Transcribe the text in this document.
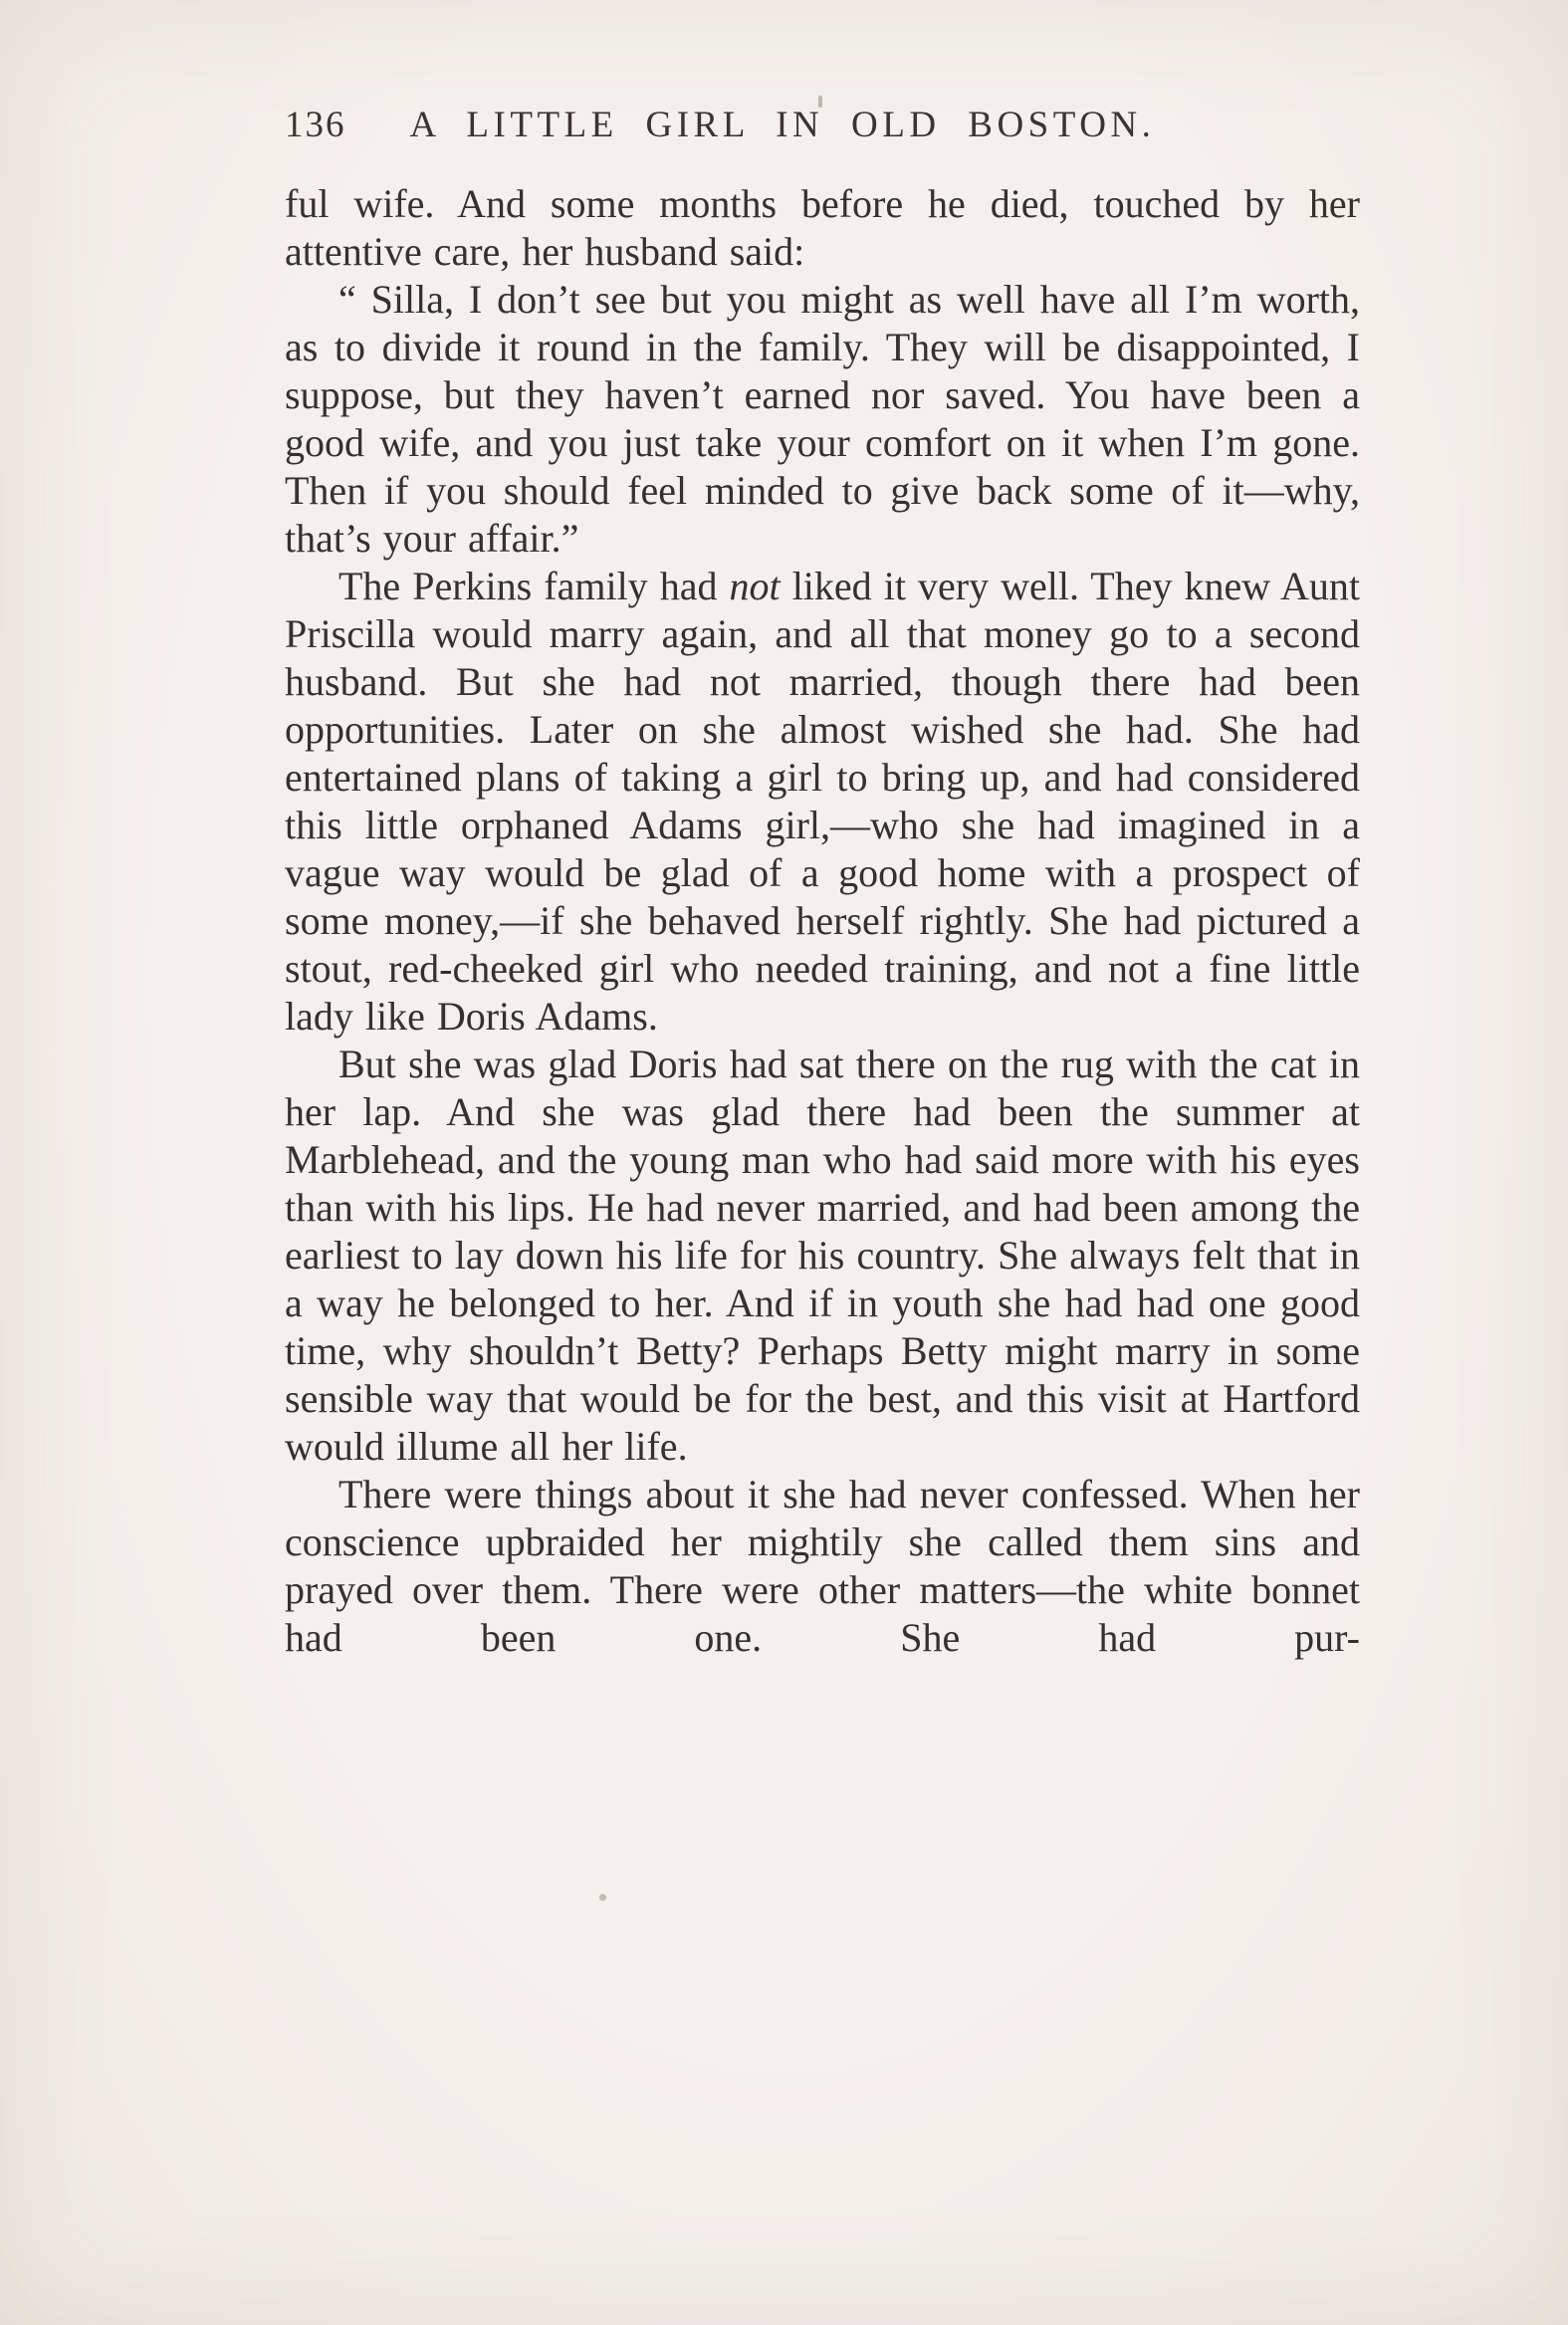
136 A LITTLE GIRL IN OLD BOSTON.

ful wife. And some months before he died, touched by her attentive care, her husband said:

“ Silla, I don’t see but you might as well have all I’m worth, as to divide it round in the family. They will be disappointed, I suppose, but they haven’t earned nor saved. You have been a good wife, and you just take your comfort on it when I’m gone. Then if you should feel minded to give back some of it—why, that’s your affair.”

The Perkins family had not liked it very well. They knew Aunt Priscilla would marry again, and all that money go to a second husband. But she had not married, though there had been opportunities. Later on she almost wished she had. She had entertained plans of taking a girl to bring up, and had considered this little orphaned Adams girl,—who she had imagined in a vague way would be glad of a good home with a prospect of some money,—if she behaved herself rightly. She had pictured a stout, red-cheeked girl who needed training, and not a fine little lady like Doris Adams.

But she was glad Doris had sat there on the rug with the cat in her lap. And she was glad there had been the summer at Marblehead, and the young man who had said more with his eyes than with his lips. He had never married, and had been among the earliest to lay down his life for his country. She always felt that in a way he belonged to her. And if in youth she had had one good time, why shouldn’t Betty? Perhaps Betty might marry in some sensible way that would be for the best, and this visit at Hartford would illume all her life.

There were things about it she had never confessed. When her conscience upbraided her mightily she called them sins and prayed over them. There were other matters—the white bonnet had been one. She had pur-
